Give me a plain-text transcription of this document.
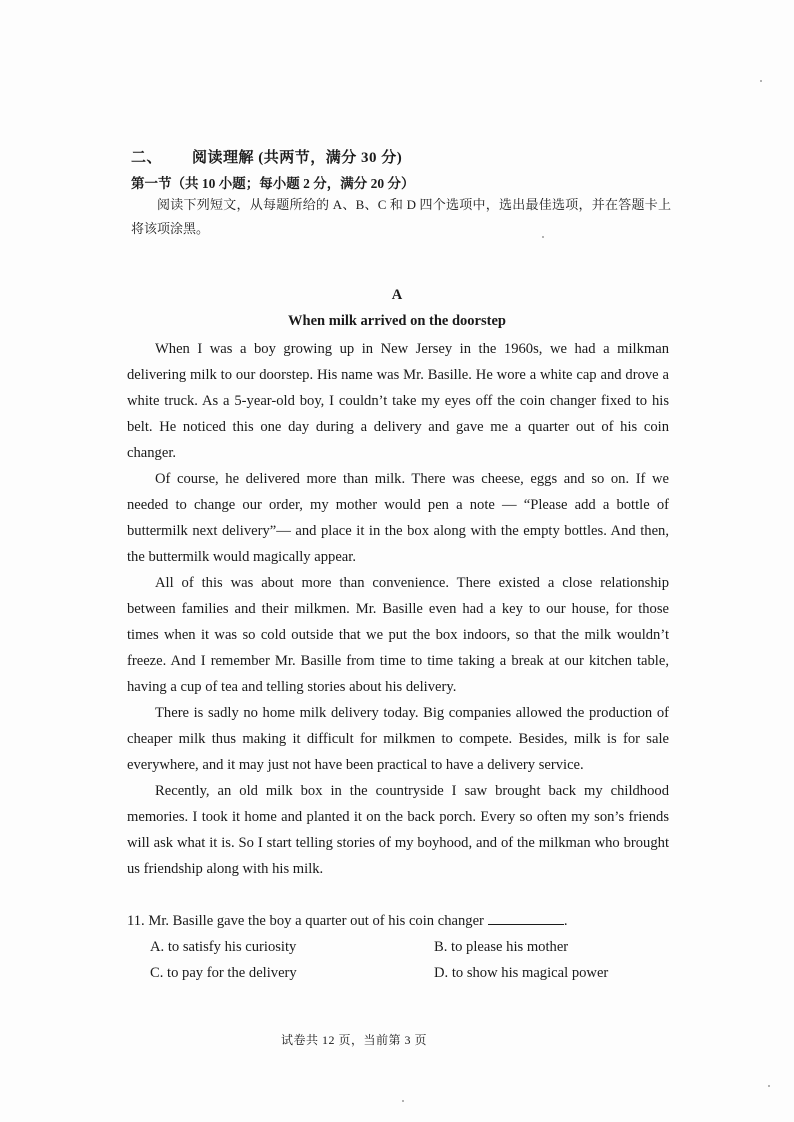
二、 阅读理解 (共两节，满分 30 分)
第一节（共 10 小题；每小题 2 分，满分 20 分）
阅读下列短文，从每题所给的 A、B、C 和 D 四个选项中，选出最佳选项，并在答题卡上将该项涂黑。
A
When milk arrived on the doorstep

When I was a boy growing up in New Jersey in the 1960s, we had a milkman delivering milk to our doorstep. His name was Mr. Basille. He wore a white cap and drove a white truck. As a 5-year-old boy, I couldn’t take my eyes off the coin changer fixed to his belt. He noticed this one day during a delivery and gave me a quarter out of his coin changer.

Of course, he delivered more than milk. There was cheese, eggs and so on. If we needed to change our order, my mother would pen a note — “Please add a bottle of buttermilk next delivery”— and place it in the box along with the empty bottles. And then, the buttermilk would magically appear.

All of this was about more than convenience. There existed a close relationship between families and their milkmen. Mr. Basille even had a key to our house, for those times when it was so cold outside that we put the box indoors, so that the milk wouldn’t freeze. And I remember Mr. Basille from time to time taking a break at our kitchen table, having a cup of tea and telling stories about his delivery.

There is sadly no home milk delivery today. Big companies allowed the production of cheaper milk thus making it difficult for milkmen to compete. Besides, milk is for sale everywhere, and it may just not have been practical to have a delivery service.

Recently, an old milk box in the countryside I saw brought back my childhood memories. I took it home and planted it on the back porch. Every so often my son’s friends will ask what it is. So I start telling stories of my boyhood, and of the milkman who brought us friendship along with his milk.

11. Mr. Basille gave the boy a quarter out of his coin changer	.
A. to satisfy his curiosity	B. to please his mother
C. to pay for the delivery	D. to show his magical power
试卷共 12 页，当前第 3 页
